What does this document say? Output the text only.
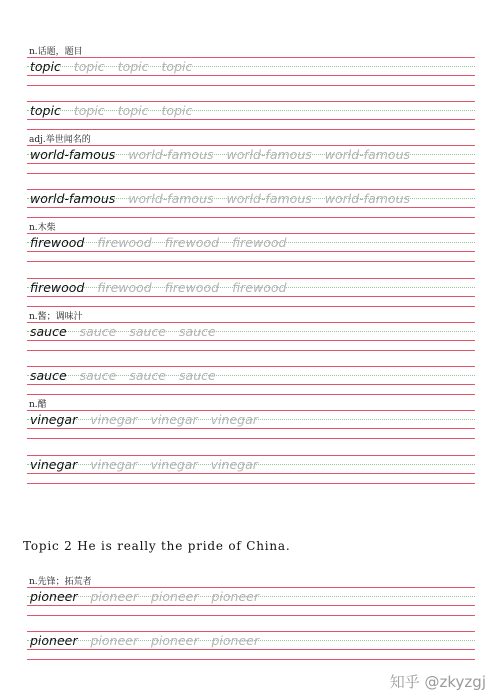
n.话题，题目
topic topic topic topic
topic topic topic topic
adj.举世闻名的
world-famous world-famous world-famous world-famous
world-famous world-famous world-famous world-famous
n.木柴
firewood firewood firewood firewood
firewood firewood firewood firewood
n.酱；调味汁
sauce sauce sauce sauce
sauce sauce sauce sauce
n.醋
vinegar vinegar vinegar vinegar
vinegar vinegar vinegar vinegar
Topic 2 He is really the pride of China.
n.先锋；拓荒者
pioneer pioneer pioneer pioneer
pioneer pioneer pioneer pioneer
知乎 @zkyzgj
